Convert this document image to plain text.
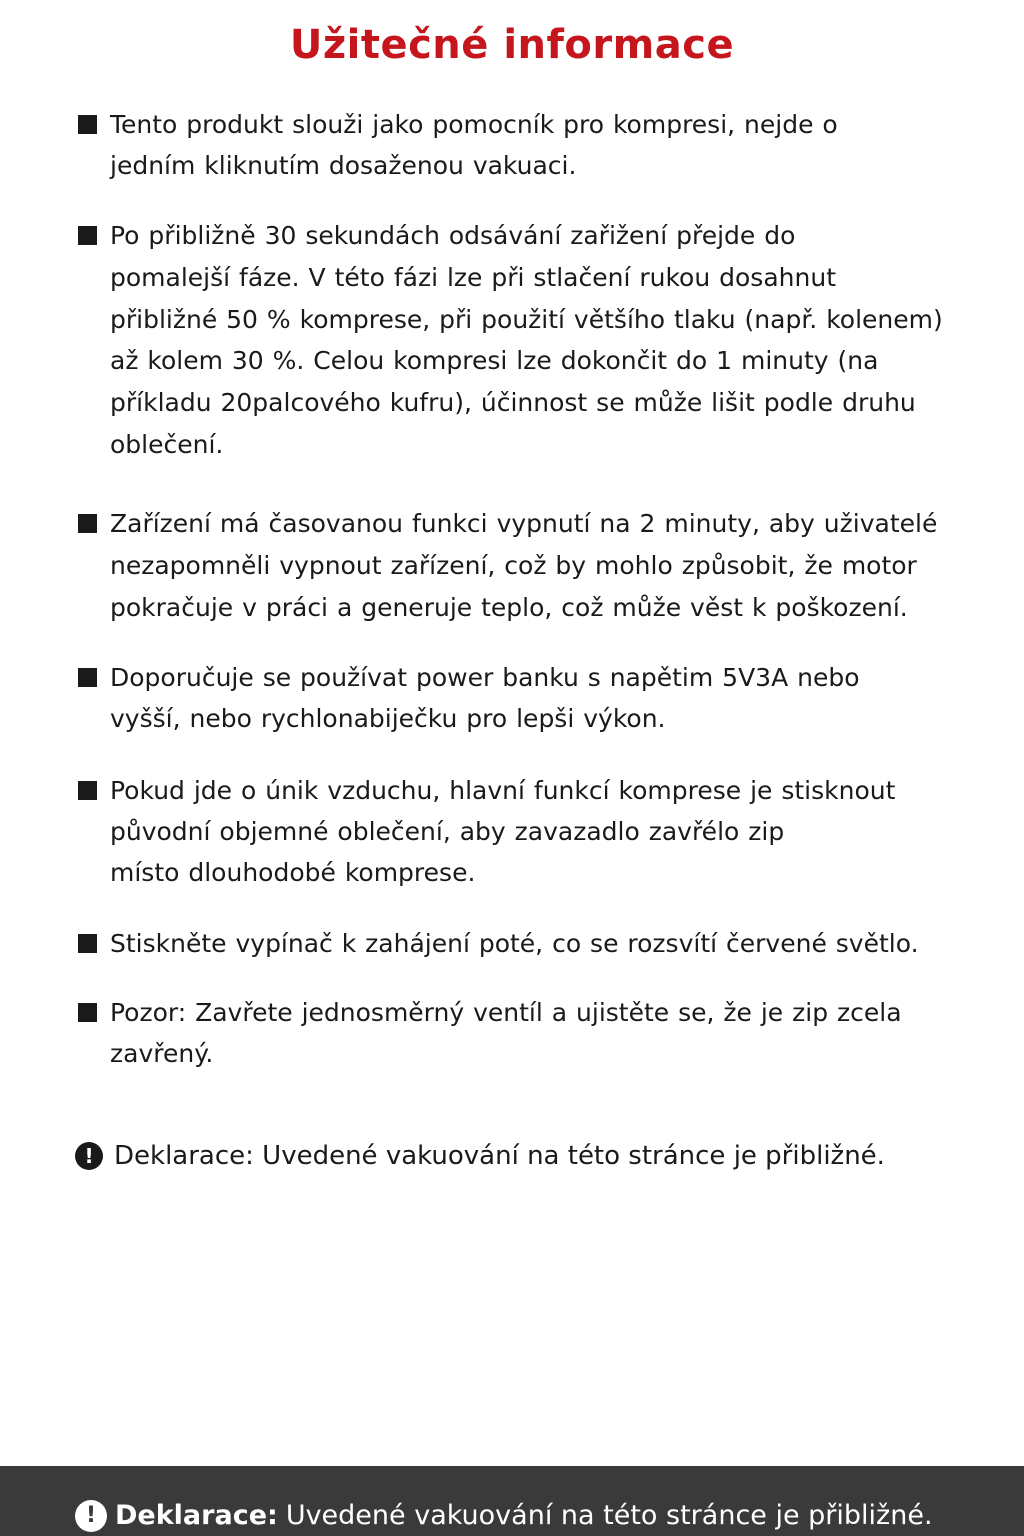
Užitečné informace
Tento produkt slouži jako pomocník pro kompresi, nejde o
jedním kliknutím dosaženou vakuaci.
Po přibližně 30 sekundách odsávání zařižení přejde do
pomalejší fáze. V této fázi lze při stlačení rukou dosahnut
přibližné 50 % komprese, při použití většího tlaku (např. kolenem)
až kolem 30 %. Celou kompresi lze dokončit do 1 minuty (na
příkladu 20palcového kufru), účinnost se může lišit podle druhu
oblečení.
Zařízení má časovanou funkci vypnutí na 2 minuty, aby uživatelé
nezapomněli vypnout zařízení, což by mohlo způsobit, že motor
pokračuje v práci a generuje teplo, což může věst k poškození.
Doporučuje se používat power banku s napětim 5V3A nebo
vyšší, nebo rychlonabiječku pro lepši výkon.
Pokud jde o únik vzduchu, hlavní funkcí komprese je stisknout
původní objemné oblečení, aby zavazadlo zavřélo zip
místo dlouhodobé komprese.
Stiskněte vypínač k zahájení poté, co se rozsvítí červené světlo.
Pozor: Zavřete jednosměrný ventíl a ujistěte se, že je zip zcela
zavřený.
! Deklarace: Uvedené vakuování na této stránce je přibližné.
! Deklarace: Uvedené vakuování na této stránce je přibližné.
